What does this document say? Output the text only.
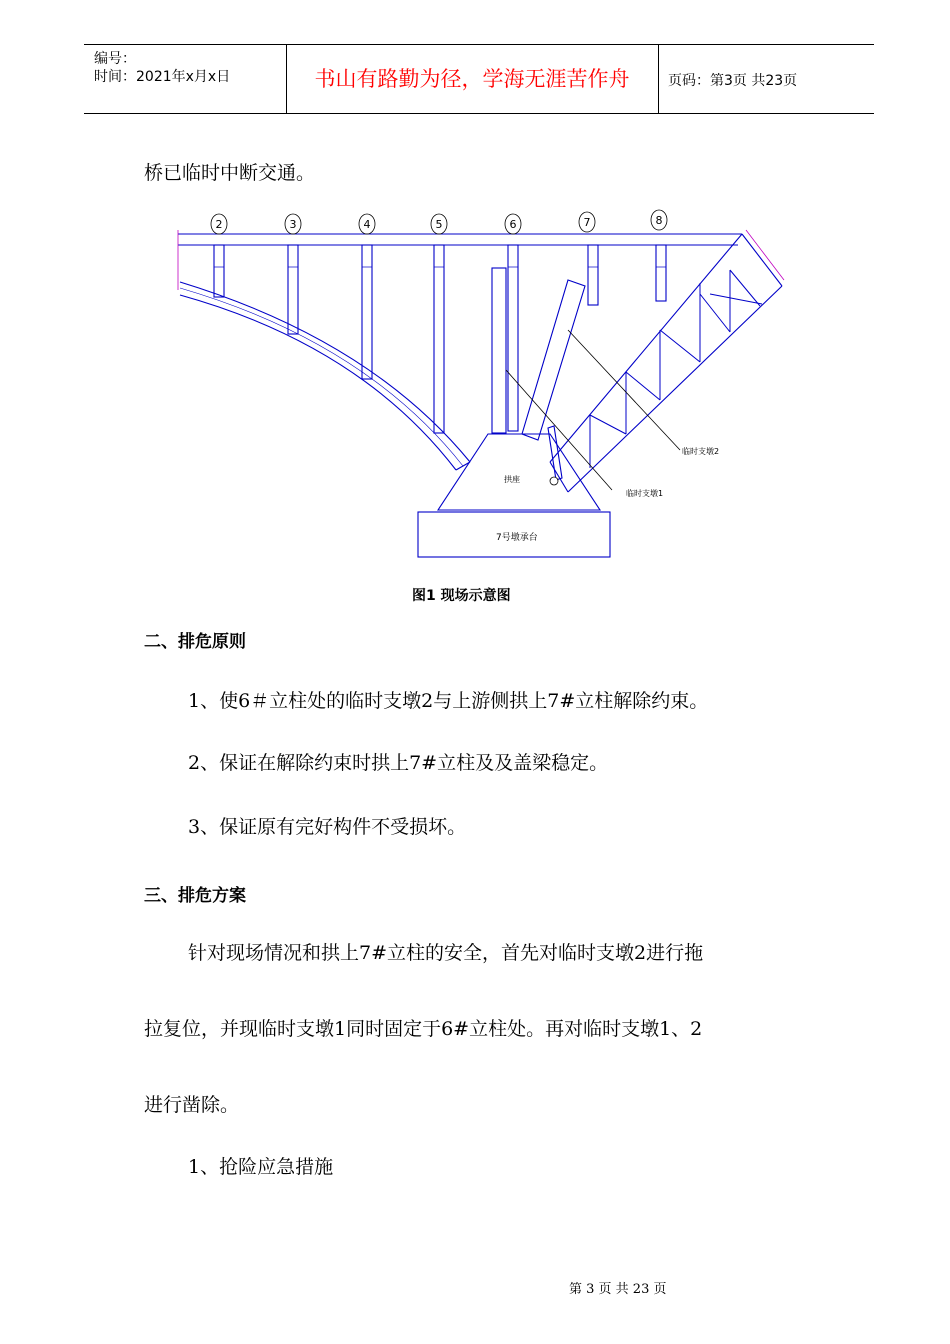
编号：
时间：2021年x月x日	书山有路勤为径，学海无涯苦作舟	页码：第3页 共23页
桥已临时中断交通。
2	3	4	5	6	7	8
临时支墩2
临时支墩1
拱座
7号墩承台
图1 现场示意图
二、排危原则
1、使6＃立柱处的临时支墩2与上游侧拱上7#立柱解除约束。
2、保证在解除约束时拱上7#立柱及及盖梁稳定。
3、保证原有完好构件不受损坏。
三、排危方案
针对现场情况和拱上7#立柱的安全，首先对临时支墩2进行拖
拉复位，并现临时支墩1同时固定于6#立柱处。再对临时支墩1、2
进行凿除。
1、抢险应急措施
第 3 页 共 23 页
